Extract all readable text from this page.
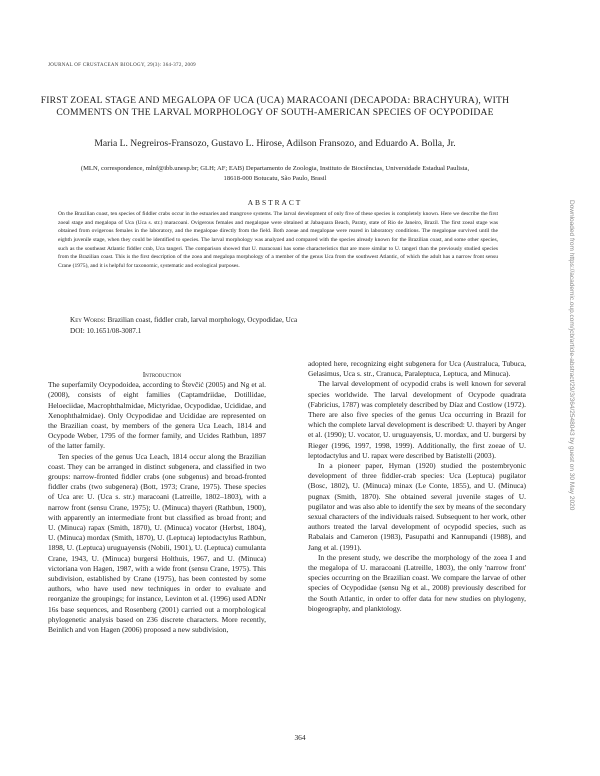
JOURNAL OF CRUSTACEAN BIOLOGY, 29(3): 364-372, 2009
FIRST ZOEAL STAGE AND MEGALOPA OF UCA (UCA) MARACOANI (DECAPODA: BRACHYURA), WITH COMMENTS ON THE LARVAL MORPHOLOGY OF SOUTH-AMERICAN SPECIES OF OCYPODIDAE
Maria L. Negreiros-Fransozo, Gustavo L. Hirose, Adilson Fransozo, and Eduardo A. Bolla, Jr.
(MLN, correspondence, mlnf@ibb.unesp.br; GLH; AF; EAB) Departamento de Zoologia, Instituto de Biociências, Universidade Estadual Paulista, 18618-000 Botucatu, São Paulo, Brasil
ABSTRACT
On the Brazilian coast, ten species of fiddler crabs occur in the estuaries and mangrove systems. The larval development of only five of these species is completely known. Here we describe the first zoeal stage and megalopa of Uca (Uca s. str.) maracoani. Ovigerous females and megalopae were obtained at Jabaquara Beach, Paraty, state of Rio de Janeiro, Brazil. The first zoeal stage was obtained from ovigerous females in the laboratory, and the megalopae directly from the field. Both zoeae and megalopae were reared in laboratory conditions. The megalopae survived until the eighth juvenile stage, when they could be identified to species. The larval morphology was analyzed and compared with the species already known for the Brazilian coast, and some other species, such as the southeast Atlantic fiddler crab, Uca tangeri. The comparison showed that U. maracoani has some characteristics that are more similar to U. tangeri than the previously studied species from the Brazilian coast. This is the first description of the zoea and megalopa morphology of a member of the genus Uca from the southwest Atlantic, of which the adult has a narrow front sensu Crane (1975), and it is helpful for taxonomic, systematic and ecological purposes.
Key Words: Brazilian coast, fiddler crab, larval morphology, Ocypodidae, Uca
DOI: 10.1651/08-3087.1

Introduction

The superfamily Ocypodoidea, according to Števčić (2005) and Ng et al. (2008), consists of eight families (Captamdriidae, Dotillidae, Heloeciidae, Macrophthalmidae, Mictyridae, Ocypodidae, Ucididae, and Xenophthalmidae). Only Ocypodidae and Ucididae are represented on the Brazilian coast, by members of the genera Uca Leach, 1814 and Ocypode Weber, 1795 of the former family, and Ucides Rathbun, 1897 of the latter family.

Ten species of the genus Uca Leach, 1814 occur along the Brazilian coast. They can be arranged in distinct subgenera, and classified in two groups: narrow-fronted fiddler crabs (one subgenus) and broad-fronted fiddler crabs (two subgenera) (Bott, 1973; Crane, 1975). These species of Uca are: U. (Uca s. str.) maracoani (Latreille, 1802–1803), with a narrow front (sensu Crane, 1975); U. (Minuca) thayeri (Rathbun, 1900), with apparently an intermediate front but classified as broad front; and U. (Minuca) rapax (Smith, 1870), U. (Minuca) vocator (Herbst, 1804), U. (Minuca) mordax (Smith, 1870), U. (Leptuca) leptodactylus Rathbun, 1898, U. (Leptuca) uruguayensis (Nobili, 1901), U. (Leptuca) cumulanta Crane, 1943, U. (Minuca) burgersi Holthuis, 1967, and U. (Minuca) victoriana von Hagen, 1987, with a wide front (sensu Crane, 1975). This subdivision, established by Crane (1975), has been contested by some authors, who have used new techniques in order to evaluate and reorganize the groupings; for instance, Levinton et al. (1996) used ADNr 16s base sequences, and Rosenberg (2001) carried out a morphological phylogenetic analysis based on 236 discrete characters. More recently, Beinlich and von Hagen (2006) proposed a new subdivision,

adopted here, recognizing eight subgenera for Uca (Australuca, Tubuca, Gelasimus, Uca s. str., Cranuca, Paraleptuca, Leptuca, and Minuca).

The larval development of ocypodid crabs is well known for several species worldwide. The larval development of Ocypode quadrata (Fabricius, 1787) was completely described by Díaz and Costlow (1972). There are also five species of the genus Uca occurring in Brazil for which the complete larval development is described: U. thayeri by Anger et al. (1990); U. vocator, U. uruguayensis, U. mordax, and U. burgersi by Rieger (1996, 1997, 1998, 1999). Additionally, the first zoeae of U. leptodactylus and U. rapax were described by Batistelli (2003).

In a pioneer paper, Hyman (1920) studied the postembryonic development of three fiddler-crab species: Uca (Leptuca) pugilator (Bosc, 1802), U. (Minuca) minax (Le Conte, 1855), and U. (Minuca) pugnax (Smith, 1870). She obtained several juvenile stages of U. pugilator and was also able to identify the sex by means of the secondary sexual characters of the individuals raised. Subsequent to her work, other authors treated the larval development of ocypodid species, such as Rabalais and Cameron (1983), Pasupathi and Kannupandi (1988), and Jang et al. (1991).

In the present study, we describe the morphology of the zoea I and the megalopa of U. maracoani (Latreille, 1803), the only 'narrow front' species occurring on the Brazilian coast. We compare the larvae of other species of Ocypodidae (sensu Ng et al., 2008) previously described for the South Atlantic, in order to offer data for new studies on phylogeny, biogeography, and planktology.

364
Downloaded from https://academic.oup.com/jcb/article-abstract/29/3/364/2548043 by guest on 30 May 2020
